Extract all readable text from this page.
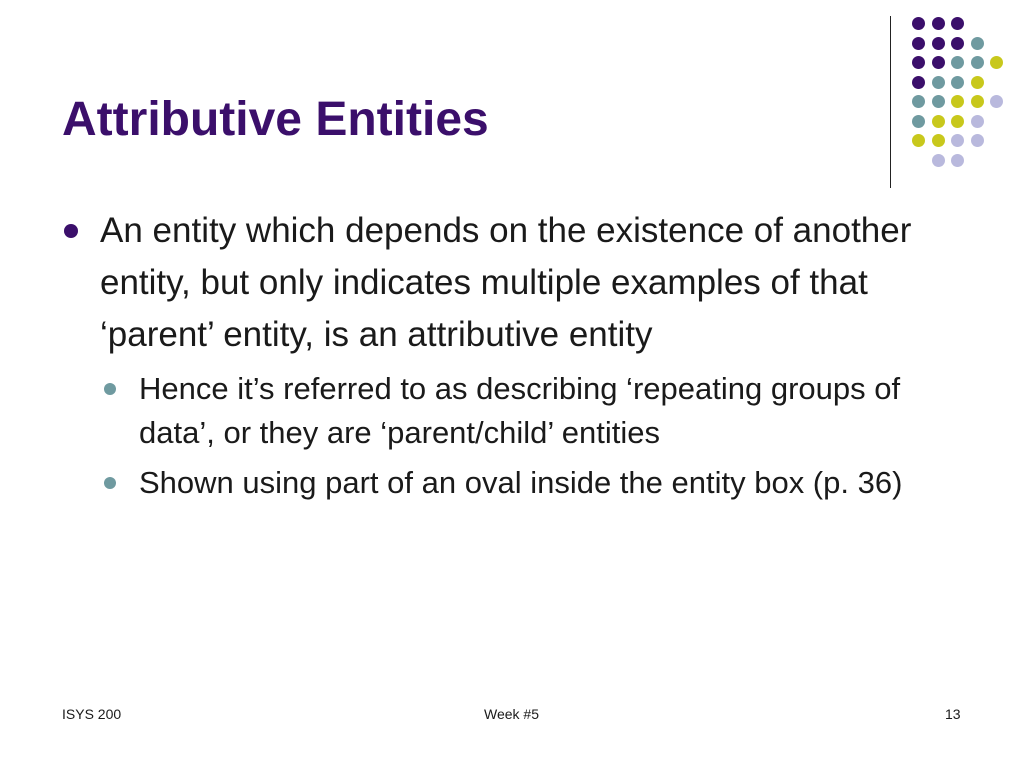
Attributive Entities
An entity which depends on the existence of another entity, but only indicates multiple examples of that ‘parent’ entity, is an attributive entity
Hence it’s referred to as describing ‘repeating groups of data’, or they are ‘parent/child’ entities
Shown using part of an oval inside the entity box (p. 36)
ISYS 200	Week #5	13
